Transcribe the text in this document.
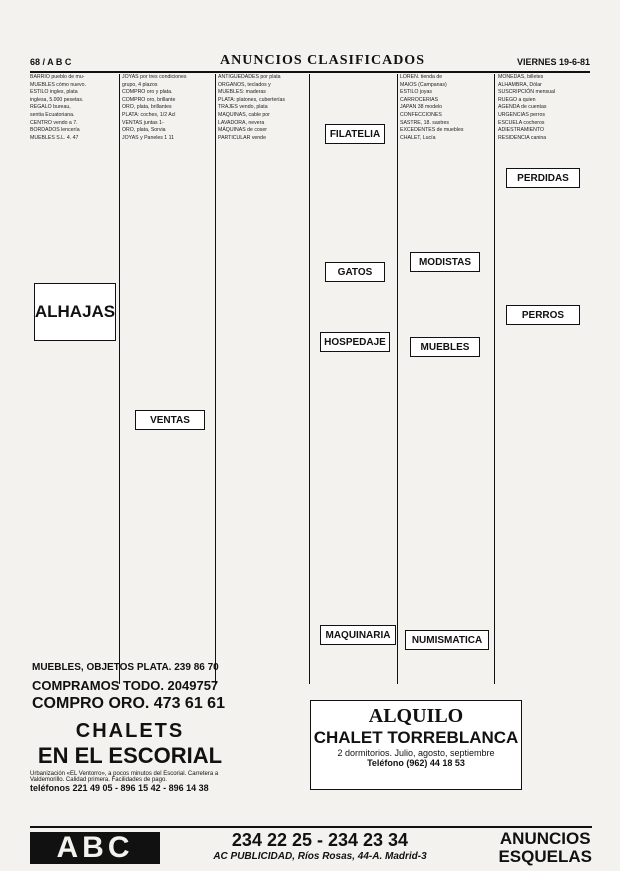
68 / A B C	ANUNCIOS CLASIFICADOS	VIERNES 19-6-81

BARRIO pueblo de mu-

MUEBLES cómo nuevo.

ESTILO ingles, plata

inglesa, 5.000 pesetas.

REGALO bureau,

sentia Ecuatoriana.

CENTRO vendo a 7.

BORDADOS lencería

MUEBLES S.L. 4. 47

JOYAS por tres condiciones

grupo, 4 plazos

COMPRO oro y plata.

COMPRO oro, brillante

ORO, plata, brillantes

PLATA: coches, 1/2 Acl

VENTAS juntas 1-

ORO, plata, Sorvia

JOYAS y Paneles 1 11

ANTIGÜEDADES por plata

ORGANOS, teclados y

MUEBLES: maderas

PLATA: platones, cuberterías

TRAJES vendo, plata

MAQUINAS, cable por

LAVADORA, nevera

MÁQUINAS de coser

PARTICULAR vende

LOREN. tienda de

MAIOS (Campanas)

ESTILO joyas

CARROCERIAS

JAPAN 38 modelo

CONFECCIONES

SASTRE, 18. sastres

EXCEDENTES de muebles

CHALET, Lucía

MONEDAS, billetes

ALHAMBRA, Dólar

SUSCRIPCIÓN mensual

RUEGO a quien

AGENDA de cuentas

URGENCIAS perros

ESCUELA cocheros

ADIESTRAMIENTO

RESIDENCIA canina

FILATELIA
GATOS
HOSPEDAJE
MODISTAS
MUEBLES
VENTAS
PERDIDAS
PERROS
MAQUINARIA NUMISMATICA
ALHAJAS
MUEBLES, OBJETOS PLATA. 239 86 70
COMPRAMOS TODO. 2049757
COMPRO ORO. 473 61 61
CHALETS
EN EL ESCORIAL
Urbanización «EL Ventorro», a pocos minutos del Escorial. Carretera a Valdemorillo. Calidad primera. Facilidades de pago.
teléfonos 221 49 05 - 896 15 42 - 896 14 38
ALQUILO
CHALET TORREBLANCA
2 dormitorios. Julio, agosto, septiembre
Teléfono (962) 44 18 53
ABC	234 22 25 - 234 23 34
AC PUBLICIDAD, Ríos Rosas, 44-A. Madrid-3
ANUNCIOS
ESQUELAS
